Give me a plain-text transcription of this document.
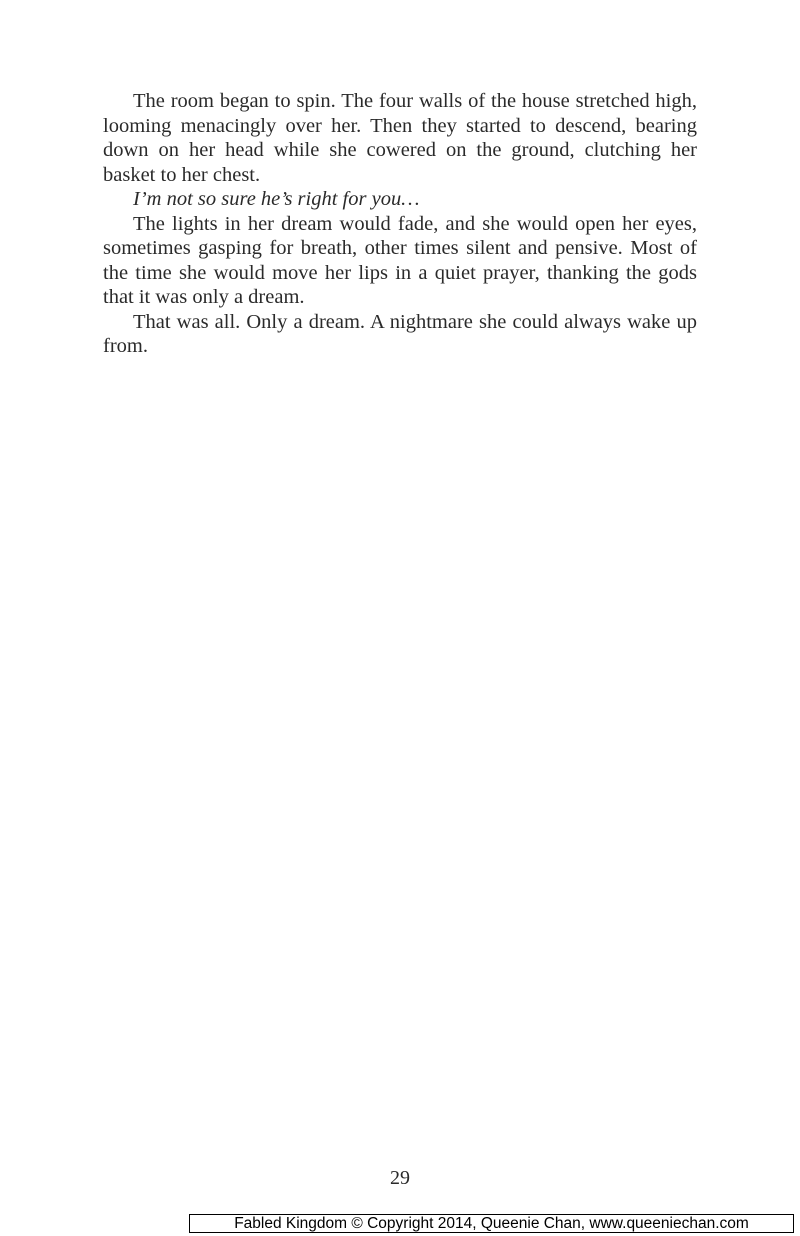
The room began to spin. The four walls of the house stretched high, looming menacingly over her. Then they started to descend, bearing down on her head while she cowered on the ground, clutching her basket to her chest.

I’m not so sure he’s right for you…

The lights in her dream would fade, and she would open her eyes, sometimes gasping for breath, other times silent and pensive. Most of the time she would move her lips in a quiet prayer, thanking the gods that it was only a dream.

That was all. Only a dream. A nightmare she could always wake up from.

29
Fabled Kingdom © Copyright 2014, Queenie Chan, www.queeniechan.com
